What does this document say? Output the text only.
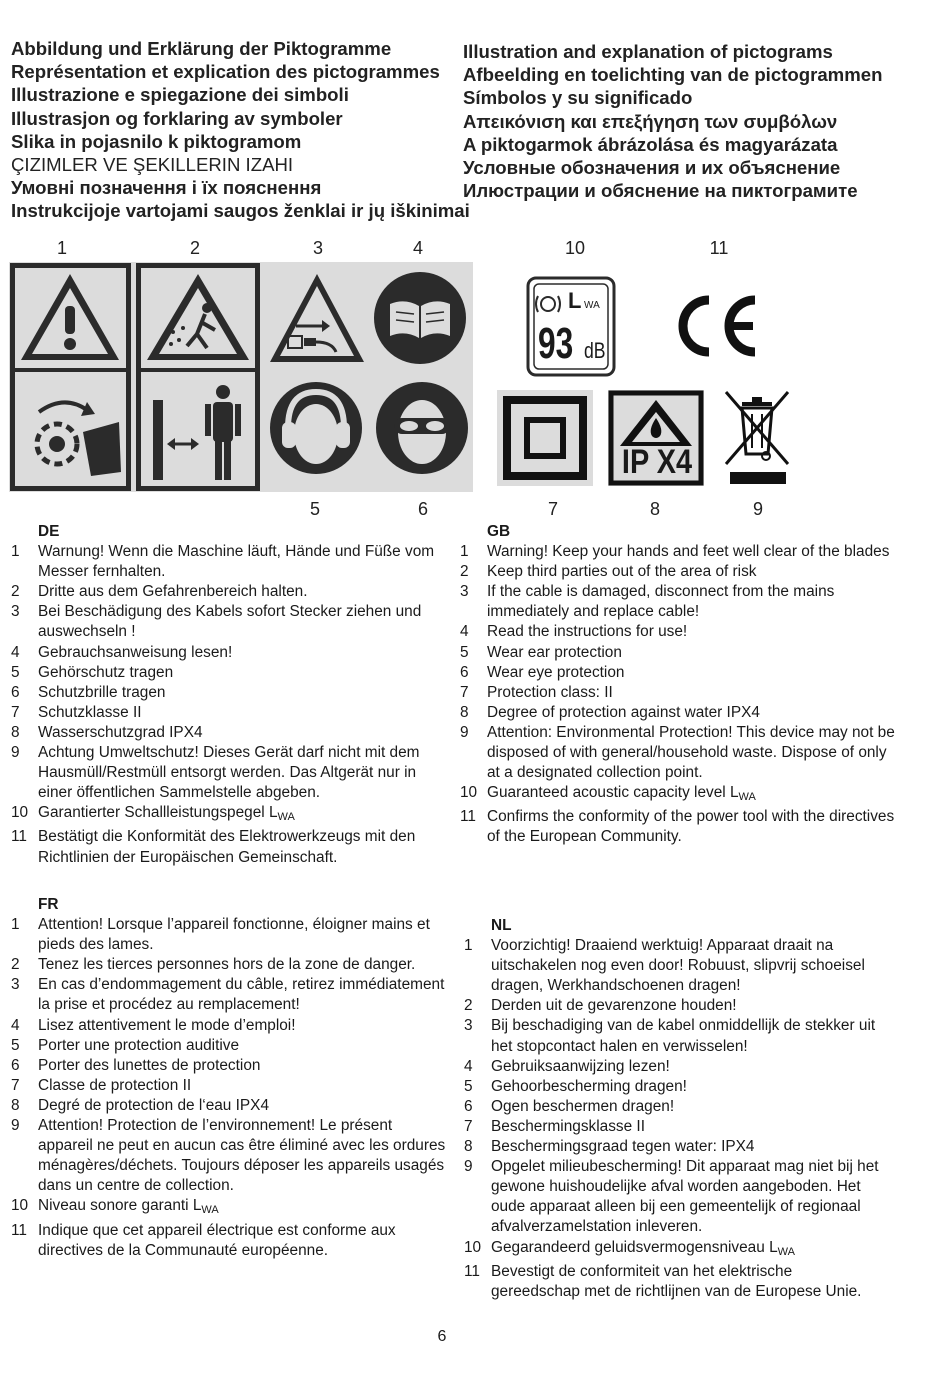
Abbildung und Erklärung der Piktogramme
Représentation et explication des pictogrammes
Illustrazione e spiegazione dei simboli
Illustrasjon og forklaring av symboler
Slika in pojasnilo k piktogramom
ÇIZIMLER VE ŞEKILLERIN IZAHI
Умовні позначення і їх пояснення
Instrukcijoje vartojami saugos ženklai ir jų iškinimai
Illustration and explanation of pictograms
Afbeelding en toelichting van de pictogrammen
Símbolos y su significado
Απεικόνιση και επεξήγηση των συμβόλων
A piktogarmok ábrázolása és magyarázata
Условные обозначения и их объяснение
Илюстрации и обяснение на пиктограмите
1	2	3	4	10	11
5	6	7	8	9
L WA
93 dB
IP X4
DE
1	Warnung! Wenn die Maschine läuft, Hände und Füße vom Messer fernhalten.
2	Dritte aus dem Gefahrenbereich halten.
3	Bei Beschädigung des Kabels sofort Stecker ziehen und auswechseln !
4	Gebrauchsanweisung lesen!
5	Gehörschutz tragen
6	Schutzbrille tragen
7	Schutzklasse II
8	Wasserschutzgrad IPX4
9	Achtung Umweltschutz! Dieses Gerät darf nicht mit dem Hausmüll/Restmüll entsorgt werden. Das Altgerät nur in einer öffentlichen Sammelstelle abgeben.
10 Garantierter Schallleistungspegel $L_{WA}$
11 Bestätigt die Konformität des Elektrowerkzeugs mit den Richtlinien der Europäischen Gemeinschaft.
GB
1	Warning! Keep your hands and feet well clear of the blades
2	Keep third parties out of the area of risk
3	If the cable is damaged, disconnect from the mains immediately and replace cable!
4	Read the instructions for use!
5	Wear ear protection
6	Wear eye protection
7	Protection class: II
8	Degree of protection against water IPX4
9	Attention: Environmental Protection! This device may not be disposed of with general/household waste. Dispose of only at a designated collection point.
10 Guaranteed acoustic capacity level $L_{WA}$
11 Confirms the conformity of the power tool with the directives of the European Community.
FR
1	Attention! Lorsque l’appareil fonctionne, éloigner mains et pieds des lames.
2	Tenez les tierces personnes hors de la zone de danger.
3	En cas d’endommagement du câble, retirez immédiatement la prise et procédez au remplacement!
4	Lisez attentivement le mode d’emploi!
5	Porter une protection auditive
6	Porter des lunettes de protection
7	Classe de protection II
8	Degré de protection de l‘eau IPX4
9	Attention! Protection de l’environnement! Le présent appareil ne peut en aucun cas être éliminé avec les ordures ménagères/déchets. Toujours déposer les appareils usagés dans un centre de collection.
10 Niveau sonore garanti $L_{WA}$
11 Indique que cet appareil électrique est conforme aux directives de la Communauté européenne.
NL
1	Voorzichtig! Draaiend werktuig! Apparaat draait na uitschakelen nog even door! Robuust, slipvrij schoeisel dragen, Werkhandschoenen dragen!
2	Derden uit de gevarenzone houden!
3	Bij beschadiging van de kabel onmiddellijk de stekker uit het stopcontact halen en verwisselen!
4	Gebruiksaanwijzing lezen!
5	Gehoorbescherming dragen!
6	Ogen beschermen dragen!
7	Beschermingsklasse II
8	Beschermingsgraad tegen water: IPX4
9	Opgelet milieubescherming! Dit apparaat mag niet bij het gewone huishoudelijke afval worden aangeboden. Het oude apparaat alleen bij een gemeentelijk of regionaal afvalverzamelstation inleveren.
10 Gegarandeerd geluidsvermogensniveau $L_{WA}$
11 Bevestigt de conformiteit van het elektrische gereedschap met de richtlijnen van de Europese Unie.
6
